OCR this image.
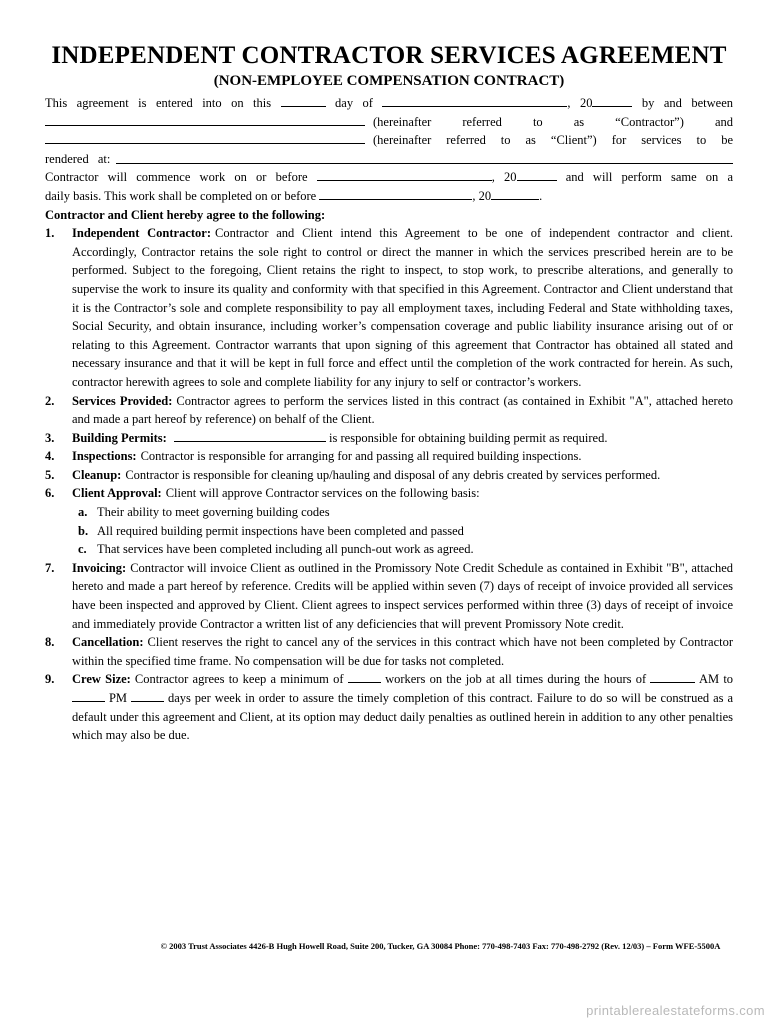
INDEPENDENT CONTRACTOR SERVICES AGREEMENT
(NON-EMPLOYEE COMPENSATION CONTRACT)
This agreement is entered into on this	day of	, 20	by and between
(hereinafter referred to as “Contractor”) and
(hereinafter referred to as “Client”) for services to be
rendered at:
Contractor will commence work on or before	, 20	and will perform same on a
daily basis. This work shall be completed on or before	, 20	.
Contractor and Client hereby agree to the following:
1.	Independent Contractor: Contractor and Client intend this Agreement to be one of independent contractor and client. Accordingly, Contractor retains the sole right to control or direct the manner in which the services prescribed herein are to be performed. Subject to the foregoing, Client retains the right to inspect, to stop work, to prescribe alterations, and generally to supervise the work to insure its quality and conformity with that specified in this Agreement. Contractor and Client understand that it is the Contractor’s sole and complete responsibility to pay all employment taxes, including Federal and State withholding taxes, Social Security, and obtain insurance, including worker’s compensation coverage and public liability insurance arising out of or relating to this Agreement. Contractor warrants that upon signing of this agreement that Contractor has obtained all stated and necessary insurance and that it will be kept in full force and effect until the completion of the work contracted for herein. As such, contractor herewith agrees to sole and complete liability for any injury to self or contractor’s workers.
2.	Services Provided: Contractor agrees to perform the services listed in this contract (as contained in Exhibit "A", attached hereto and made a part hereof by reference) on behalf of the Client.
3.	Building Permits:	is responsible for obtaining building permit as required.
4.	Inspections: Contractor is responsible for arranging for and passing all required building inspections.
5.	Cleanup: Contractor is responsible for cleaning up/hauling and disposal of any debris created by services performed.
6.	Client Approval: Client will approve Contractor services on the following basis:
a. Their ability to meet governing building codes
b. All required building permit inspections have been completed and passed
c. That services have been completed including all punch-out work as agreed.
7.	Invoicing: Contractor will invoice Client as outlined in the Promissory Note Credit Schedule as contained in Exhibit "B", attached hereto and made a part hereof by reference. Credits will be applied within seven (7) days of receipt of invoice provided all services have been inspected and approved by Client. Client agrees to inspect services performed within three (3) days of receipt of invoice and immediately provide Contractor a written list of any deficiencies that will prevent Promissory Note credit.
8.	Cancellation: Client reserves the right to cancel any of the services in this contract which have not been completed by Contractor within the specified time frame. No compensation will be due for tasks not completed.
9.	Crew Size: Contractor agrees to keep a minimum of	workers on the job at all times during the hours of	AM to  PM	days per week in order to assure the timely completion of this contract. Failure to do so will be construed as a default under this agreement and Client, at its option may deduct daily penalties as outlined herein in addition to any other penalties which may also be due.
© 2003 Trust Associates 4426-B Hugh Howell Road, Suite 200, Tucker, GA 30084 Phone: 770-498-7403 Fax: 770-498-2792 (Rev. 12/03) – Form WFE-5500A
printablerealestateforms.com
